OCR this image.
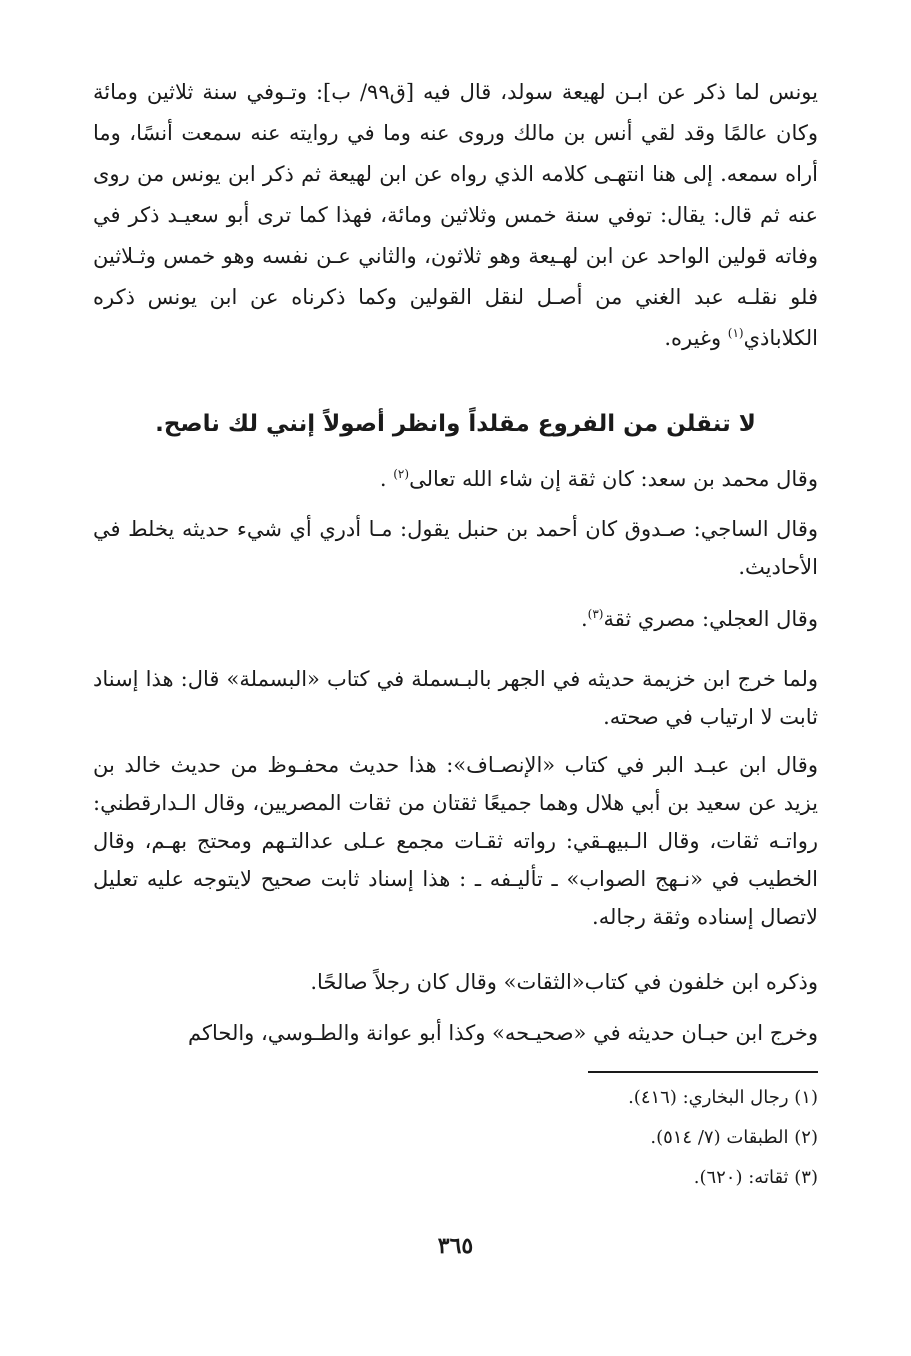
يونس لما ذكر عن ابـن لهيعة سولد، قال فيه [ق٩٩/ ب]: وتـوفي سنة ثلاثين ومائة وكان عالمًا وقد لقي أنس بن مالك وروى عنه وما في روايته عنه سمعت أنسًا، وما أراه سمعه. إلى هنا انتهـى كلامه الذي رواه عن ابن لهيعة ثم ذكر ابن يونس من روى عنه ثم قال: يقال: توفي سنة خمس وثلاثين ومائة، فهذا كما ترى أبو سعيـد ذكر في وفاته قولين الواحد عن ابن لهـيعة وهو ثلاثون، والثاني عـن نفسه وهو خمس وثـلاثين فلو نقلـه عبد الغني من أصـل لنقل القولين وكما ذكرناه عن ابن يونس ذكره الكلاباذي$^{(١)}$ وغيره.
لا تنقلن من الفروع مقلداً وانظر أصولاً إنني لك ناصح.
وقال محمد بن سعد: كان ثقة إن شاء الله تعالى$^{(٢)}$ .
وقال الساجي: صـدوق كان أحمد بن حنبل يقول: مـا أدري أي شيء حديثه يخلط في الأحاديث.
وقال العجلي: مصري ثقة$^{(٣)}$.
ولما خرج ابن خزيمة حديثه في الجهر بالبـسملة في كتاب «البسملة» قال: هذا إسناد ثابت لا ارتياب في صحته.
وقال ابن عبـد البر في كتاب «الإنصـاف»: هذا حديث محفـوظ من حديث خالد بن يزيد عن سعيد بن أبي هلال وهما جميعًا ثقتان من ثقات المصريين، وقال الـدارقطني: رواتـه ثقات، وقال الـبيهـقي: رواته ثقـات مجمع عـلى عدالتـهم ومحتج بهـم، وقال الخطيب في «نـهج الصواب» ـ تأليـفه ـ : هذا إسناد ثابت صحيح لايتوجه عليه تعليل لاتصال إسناده وثقة رجاله.
وذكره ابن خلفون في كتاب«الثقات» وقال كان رجلاً صالحًا.
وخرج ابن حبـان حديثه في «صحيـحه» وكذا أبو عوانة والطـوسي، والحاكم
(١) رجال البخاري: (٤١٦).
(٢) الطبقات (٧/ ٥١٤).
(٣) ثقاته: (٦٢٠).
٣٦٥
